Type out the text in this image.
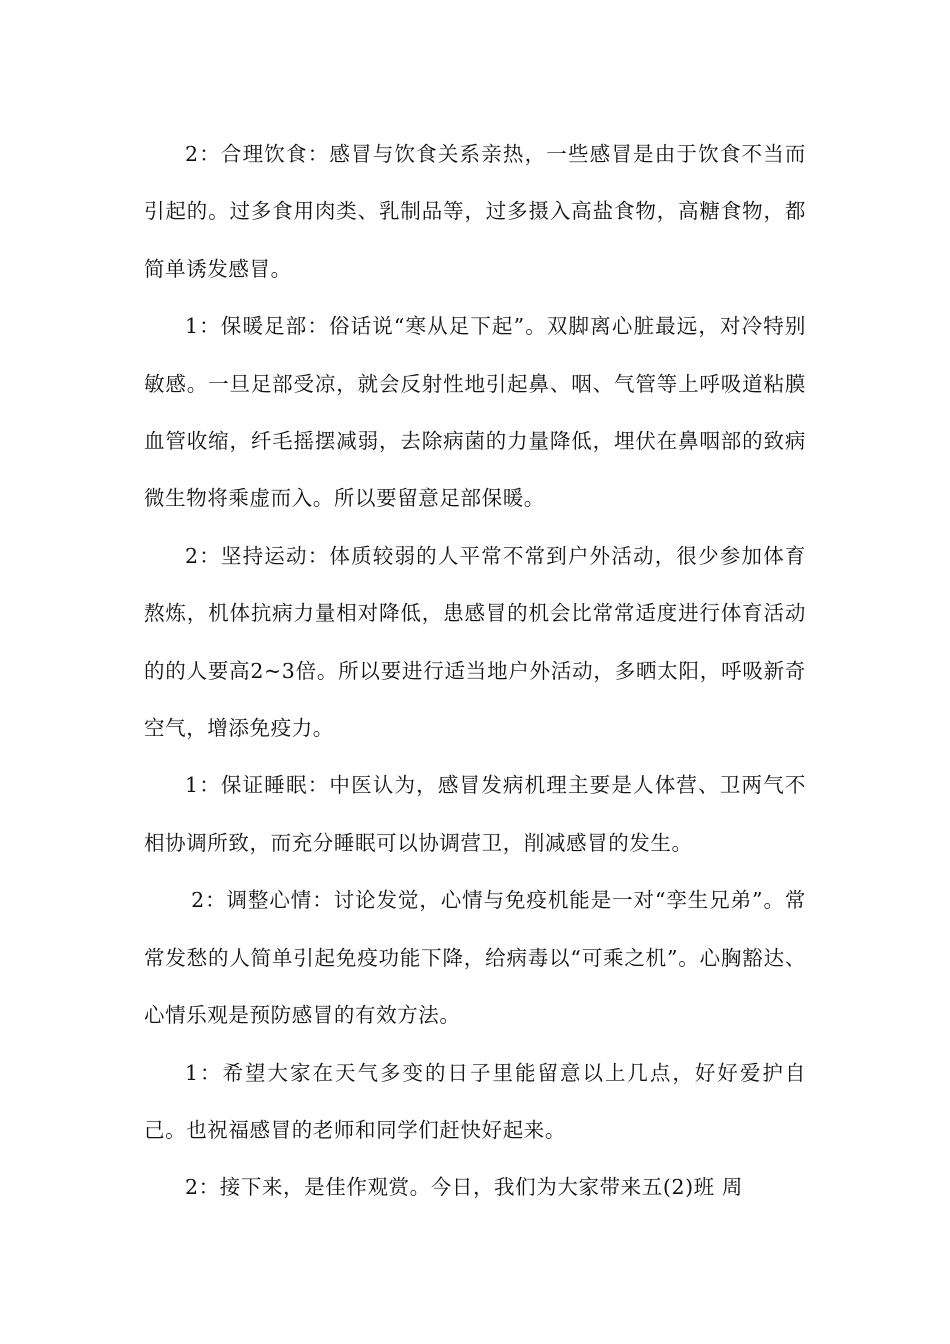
2：合理饮食：感冒与饮食关系亲热，一些感冒是由于饮食不当而引起的。过多食用肉类、乳制品等，过多摄入高盐食物，高糖食物，都简单诱发感冒。

1：保暖足部：俗话说“寒从足下起”。双脚离心脏最远，对冷特别敏感。一旦足部受凉，就会反射性地引起鼻、咽、气管等上呼吸道粘膜血管收缩，纤毛摇摆减弱，去除病菌的力量降低，埋伏在鼻咽部的致病微生物将乘虚而入。所以要留意足部保暖。

2：坚持运动：体质较弱的人平常不常到户外活动，很少参加体育熬炼，机体抗病力量相对降低，患感冒的机会比常常适度进行体育活动的的人要高2~3倍。所以要进行适当地户外活动，多晒太阳，呼吸新奇空气，增添免疫力。

1：保证睡眠：中医认为，感冒发病机理主要是人体营、卫两气不相协调所致，而充分睡眠可以协调营卫，削减感冒的发生。

2：调整心情：讨论发觉，心情与免疫机能是一对“孪生兄弟”。常常发愁的人简单引起免疫功能下降，给病毒以“可乘之机”。心胸豁达、心情乐观是预防感冒的有效方法。

1：希望大家在天气多变的日子里能留意以上几点，好好爱护自己。也祝福感冒的老师和同学们赶快好起来。

2：接下来，是佳作观赏。今日，我们为大家带来五(2)班 周
